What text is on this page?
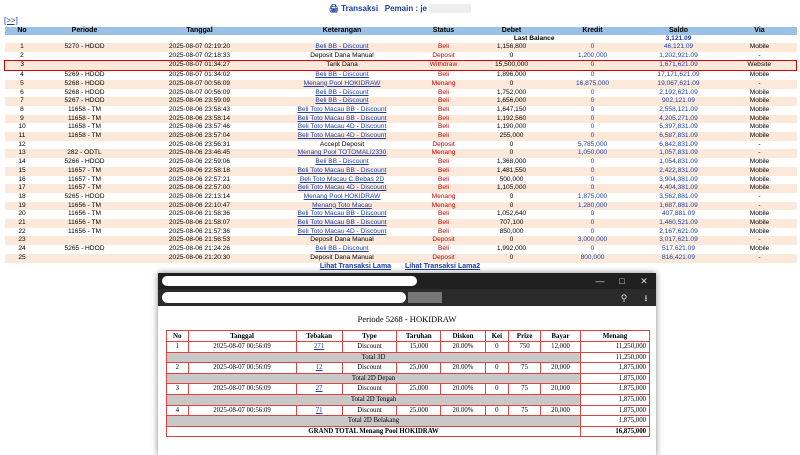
🖨 Transaksi Pemain : je
[>>]
No	Periode	Tanggal	Keterangan	Status	Debet	Kredit	Saldo	Via
Last Balance							3,121.09	
1	5270 - HDOD	2025-08-07 02:19:20	Beli BB - Discount	Beli	1,156,800	0	46,121.09	Mobile
2		2025-08-07 02:18:33	Deposit Dana Manual	Deposit	0	1,200,000	1,202,921.09	-
3		2025-08-07 01:34:27	Tarik Dana	Withdraw	15,500,000	0	1,671,621.09	Website
4	5269 - HDOD	2025-08-07 01:34:02	Beli BB - Discount	Beli	1,896,000	0	17,171,621.09	Mobile
5	5268 - HDOD	2025-08-07 00:56:09	Menang Pool HOKIDRAW	Menang	0	16,875,000	19,067,621.09	-
6	5268 - HDOD	2025-08-07 00:56:09	Beli BB - Discount	Beli	1,752,000	0	2,192,621.09	Mobile
7	5267 - HDOD	2025-08-06 23:59:09	Beli BB - Discount	Beli	1,656,000	0	902,121.09	Mobile
8	11658 - TM	2025-08-06 23:58:43	Beli Toto Macau BB - Discount	Beli	1,647,150	0	2,558,121.09	Mobile
9	11658 - TM	2025-08-06 23:58:14	Beli Toto Macau BB - Discount	Beli	1,192,560	0	4,205,271.09	Mobile
10	11658 - TM	2025-08-06 23:57:46	Beli Toto Macau 4D - Discount	Beli	1,190,000	0	5,397,831.09	Mobile
11	11658 - TM	2025-08-06 23:57:04	Beli Toto Macau 4D - Discount	Beli	255,000	0	6,587,831.09	Mobile
12		2025-08-06 23:56:31	Accept Deposit	Deposit	0	5,785,000	6,842,831.09	-
13	282 - ODTL	2025-08-06 23:46:45	Menang Pool TOTOMALI2330	Menang	0	1,050,000	1,057,831.09	-
14	5266 - HDOD	2025-08-06 22:59:06	Beli BB - Discount	Beli	1,368,000	0	1,054,831.09	Mobile
15	11657 - TM	2025-08-06 22:58:18	Beli Toto Macau BB - Discount	Beli	1,481,550	0	2,422,831.09	Mobile
16	11657 - TM	2025-08-06 22:57:21	Beli Toto Macau C.Bebas 2D	Beli	500,000	0	3,904,381.09	Mobile
17	11657 - TM	2025-08-06 22:57:00	Beli Toto Macau 4D - Discount	Beli	1,105,000	0	4,404,381.09	Mobile
18	5265 - HDOD	2025-08-06 22:13:14	Menang Pool HOKIDRAW	Menang	0	1,875,000	3,562,881.09	-
19	11656 - TM	2025-08-06 22:10:47	Menang Toto Macau	Menang	0	1,280,000	1,687,881.09	-
20	11656 - TM	2025-08-06 21:58:36	Beli Toto Macau BB - Discount	Beli	1,052,640	0	407,881.09	Mobile
21	11656 - TM	2025-08-06 21:58:07	Beli Toto Macau BB - Discount	Beli	707,100	0	1,460,521.09	Mobile
22	11656 - TM	2025-08-06 21:57:36	Beli Toto Macau 4D - Discount	Beli	850,000	0	2,167,621.09	Mobile
23		2025-08-06 21:56:53	Deposit Dana Manual	Deposit	0	3,000,000	3,017,621.09	-
24	5265 - HDOD	2025-08-06 21:24:26	Beli BB - Discount	Beli	1,992,000	0	517,621.09	Mobile
25		2025-08-06 21:20:30	Deposit Dana Manual	Deposit	0	800,000	816,421.09	-
Lihat Transaksi Lama Lihat Transaksi Lama2
—	□	✕
⚲	⭳
Periode 5268 - HOKIDRAW
No	Tanggal	Tebakan	Type	Taruhan	Diskon	Kei	Prize	Bayar	Menang
1	2025-08-07 00:56:09	271	Discount	15,000	20.00%	0	750	12,000	11,250,000
Total 3D									11,250,000
2	2025-08-07 00:56:09	12	Discount	25,000	20.00%	0	75	20,000	1,875,000
Total 2D Depan									1,875,000
3	2025-08-07 00:56:09	27	Discount	25,000	20.00%	0	75	20,000	1,875,000
Total 2D Tengah									1,875,000
4	2025-08-07 00:56:09	71	Discount	25,000	20.00%	0	75	20,000	1,875,000
Total 2D Belakang									1,875,000
GRAND TOTAL Menang Pool HOKIDRAW									16,875,000
